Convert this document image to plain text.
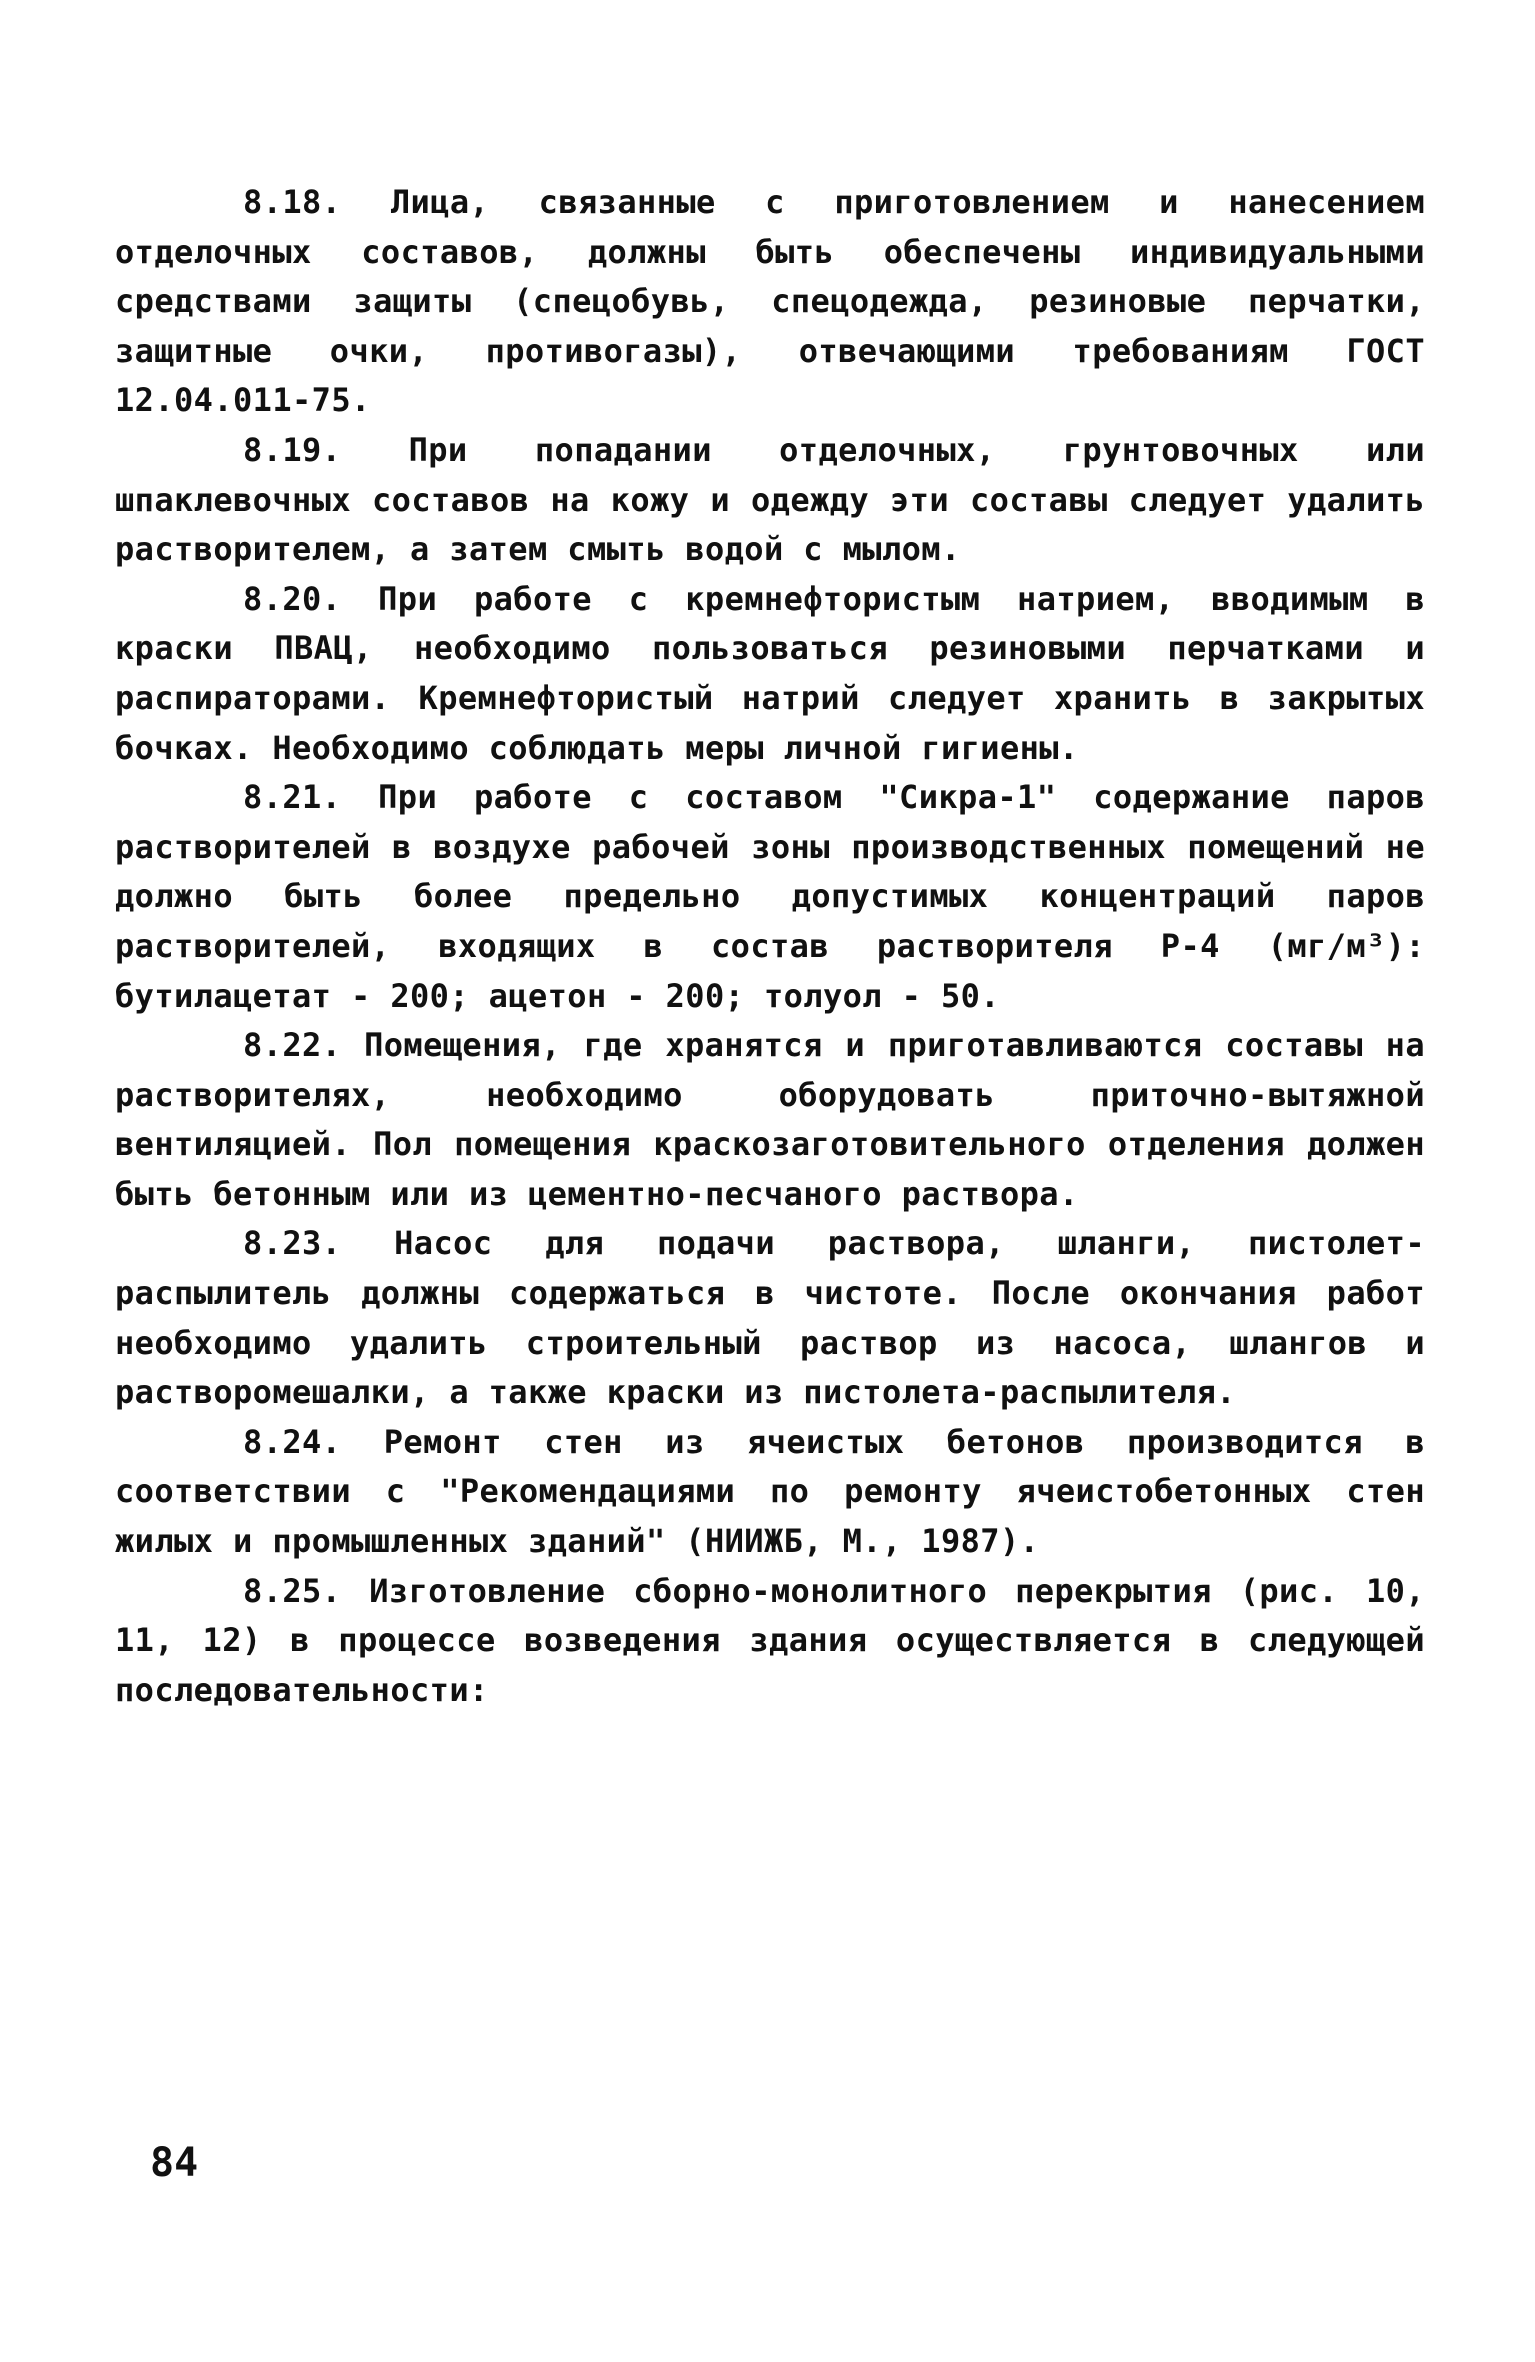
8.18. Лица, связанные с приготовлением и нанесением отделочных составов, должны быть обеспечены индивидуальными средствами защиты (спецобувь, спецодежда, резиновые перчатки, защитные очки, противогазы), отвечающими требованиям ГОСТ 12.04.011-75.

8.19. При попадании отделочных, грунтовочных или шпаклевочных составов на кожу и одежду эти составы следует удалить растворителем, а затем смыть водой с мылом.

8.20. При работе с кремнефтористым натрием, вводимым в краски ПВАЦ, необходимо пользоваться резиновыми перчатками и распираторами. Кремнефтористый натрий следует хранить в закрытых бочках. Необходимо соблюдать меры личной гигиены.

8.21. При работе с составом "Сикра-1" содержание паров растворителей в воздухе рабочей зоны производственных помещений не должно быть более предельно допустимых концентраций паров растворителей, входящих в состав растворителя Р-4 (мг/м³): бутилацетат - 200; ацетон - 200; толуол - 50.

8.22. Помещения, где хранятся и приготавливаются составы на растворителях, необходимо оборудовать приточно-вытяжной вентиляцией. Пол помещения краскозаготовительного отделения должен быть бетонным или из цементно-песчаного раствора.

8.23. Насос для подачи раствора, шланги, пистолет-распылитель должны содержаться в чистоте. После окончания работ необходимо удалить строительный раствор из насоса, шлангов и растворомешалки, а также краски из пистолета-распылителя.

8.24. Ремонт стен из ячеистых бетонов производится в соответствии с "Рекомендациями по ремонту ячеистобетонных стен жилых и промышленных зданий" (НИИЖБ, М., 1987).

8.25. Изготовление сборно-монолитного перекрытия (рис. 10, 11, 12) в процессе возведения здания осуществляется в следующей последовательности:

84
